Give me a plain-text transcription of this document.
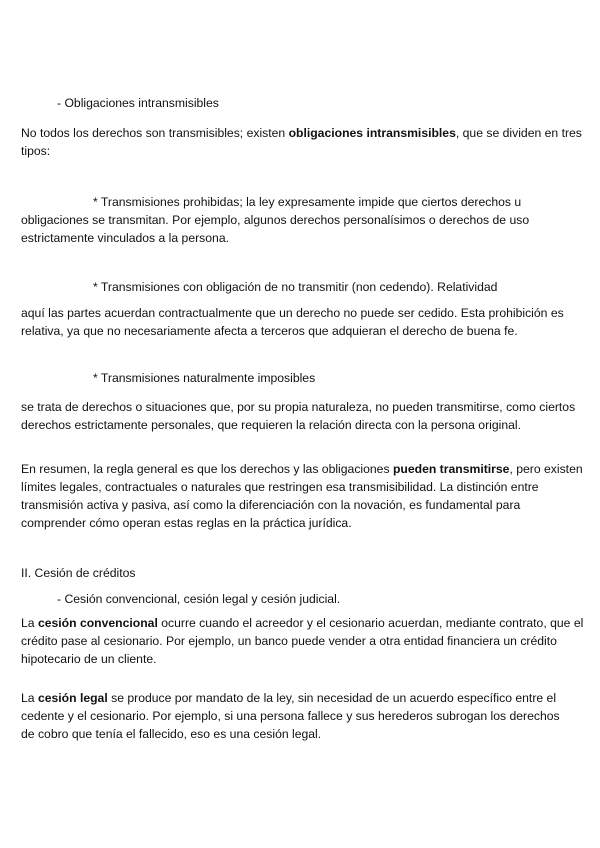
- Obligaciones intransmisibles

No todos los derechos son transmisibles; existen obligaciones intransmisibles, que se dividen en tres

tipos:

* Transmisiones prohibidas; la ley expresamente impide que ciertos derechos u

obligaciones se transmitan. Por ejemplo, algunos derechos personalísimos o derechos de uso

estrictamente vinculados a la persona.

* Transmisiones con obligación de no transmitir (non cedendo). Relatividad

aquí las partes acuerdan contractualmente que un derecho no puede ser cedido. Esta prohibición es

relativa, ya que no necesariamente afecta a terceros que adquieran el derecho de buena fe.

* Transmisiones naturalmente imposibles

se trata de derechos o situaciones que, por su propia naturaleza, no pueden transmitirse, como ciertos

derechos estrictamente personales, que requieren la relación directa con la persona original.

En resumen, la regla general es que los derechos y las obligaciones pueden transmitirse, pero existen

límites legales, contractuales o naturales que restringen esa transmisibilidad. La distinción entre

transmisión activa y pasiva, así como la diferenciación con la novación, es fundamental para

comprender cómo operan estas reglas en la práctica jurídica.

II. Cesión de créditos

- Cesión convencional, cesión legal y cesión judicial.

La cesión convencional ocurre cuando el acreedor y el cesionario acuerdan, mediante contrato, que el

crédito pase al cesionario. Por ejemplo, un banco puede vender a otra entidad financiera un crédito

hipotecario de un cliente.

La cesión legal se produce por mandato de la ley, sin necesidad de un acuerdo específico entre el

cedente y el cesionario. Por ejemplo, si una persona fallece y sus herederos subrogan los derechos

de cobro que tenía el fallecido, eso es una cesión legal.
